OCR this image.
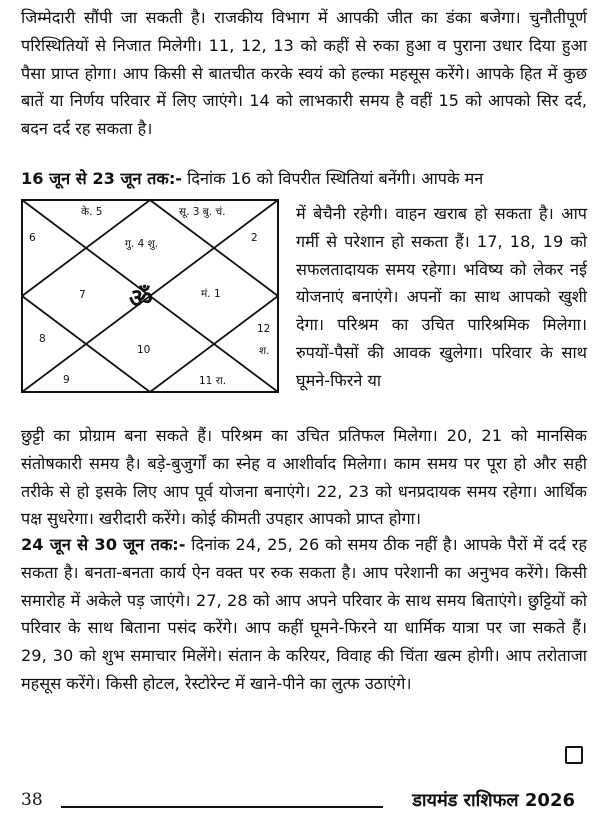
जिम्मेदारी सौंपी जा सकती है। राजकीय विभाग में आपकी जीत का डंका बजेगा। चुनौतीपूर्ण परिस्थितियों से निजात मिलेगी। 11, 12, 13 को कहीं से रुका हुआ व पुराना उधार दिया हुआ पैसा प्राप्त होगा। आप किसी से बातचीत करके स्वयं को हल्का महसूस करेंगे। आपके हित में कुछ बातें या निर्णय परिवार में लिए जाएंगे। 14 को लाभकारी समय है वहीं 15 को आपको सिर दर्द, बदन दर्द रह सकता है।

16 जून से 23 जून तक:- दिनांक 16 को विपरीत स्थितियां बनेंगी। आपके मन

के. 5	सू. 3 बु. चं.
6	2
गु. 4 शु.
7 ॐ	मं. 1
8
12
श.
10
9	11 रा.

में बेचैनी रहेगी। वाहन खराब हो सकता है। आप गर्मी से परेशान हो सकता हैं। 17, 18, 19 को सफलतादायक समय रहेगा। भविष्य को लेकर नई योजनाएं बनाएंगे। अपनों का साथ आपको खुशी देगा। परिश्रम का उचित पारिश्रमिक मिलेगा। रुपयों-पैसों की आवक खुलेगा। परिवार के साथ घूमने-फिरने या

छुट्टी का प्रोग्राम बना सकते हैं। परिश्रम का उचित प्रतिफल मिलेगा। 20, 21 को मानसिक संतोषकारी समय है। बड़े-बुजुर्गों का स्नेह व आशीर्वाद मिलेगा। काम समय पर पूरा हो और सही तरीके से हो इसके लिए आप पूर्व योजना बनाएंगे। 22, 23 को धनप्रदायक समय रहेगा। आर्थिक पक्ष सुधरेगा। खरीदारी करेंगे। कोई कीमती उपहार आपको प्राप्त होगा।

24 जून से 30 जून तक:- दिनांक 24, 25, 26 को समय ठीक नहीं है। आपके पैरों में दर्द रह सकता है। बनता-बनता कार्य ऐन वक्त पर रुक सकता है। आप परेशानी का अनुभव करेंगे। किसी समारोह में अकेले पड़ जाएंगे। 27, 28 को आप अपने परिवार के साथ समय बिताएंगे। छुट्टियों को परिवार के साथ बिताना पसंद करेंगे। आप कहीं घूमने-फिरने या धार्मिक यात्रा पर जा सकते हैं। 29, 30 को शुभ समाचार मिलेंगे। संतान के करियर, विवाह की चिंता खत्म होगी। आप तरोताजा महसूस करेंगे। किसी होटल, रेस्टोरेन्ट में खाने-पीने का लुत्फ उठाएंगे।

38	डायमंड राशिफल 2026
